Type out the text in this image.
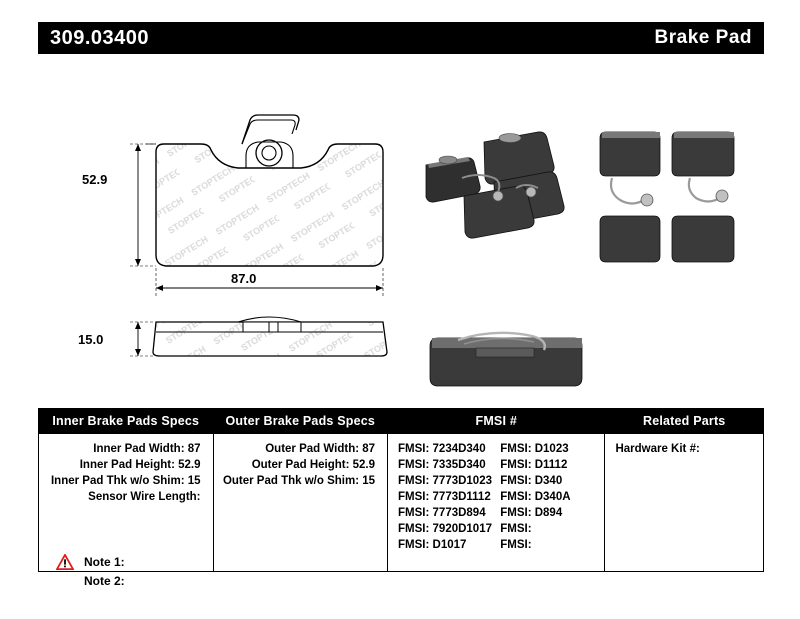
309.03400	Brake Pad
52.9
87.0
15.0
Inner Brake Pads Specs
Inner Pad Width: 87
Inner Pad Height: 52.9
Inner Pad Thk w/o Shim: 15
Sensor Wire Length:
Outer Brake Pads Specs
Outer Pad Width: 87
Outer Pad Height: 52.9
Outer Pad Thk w/o Shim: 15
FMSI #
FMSI: 7234D340
FMSI: 7335D340
FMSI: 7773D1023
FMSI: 7773D1112
FMSI: 7773D894
FMSI: 7920D1017
FMSI: D1017
FMSI: D1023
FMSI: D1112
FMSI: D340
FMSI: D340A
FMSI: D894
FMSI:
FMSI:
Related Parts
Hardware Kit #:
Note 1:
Note 2:
